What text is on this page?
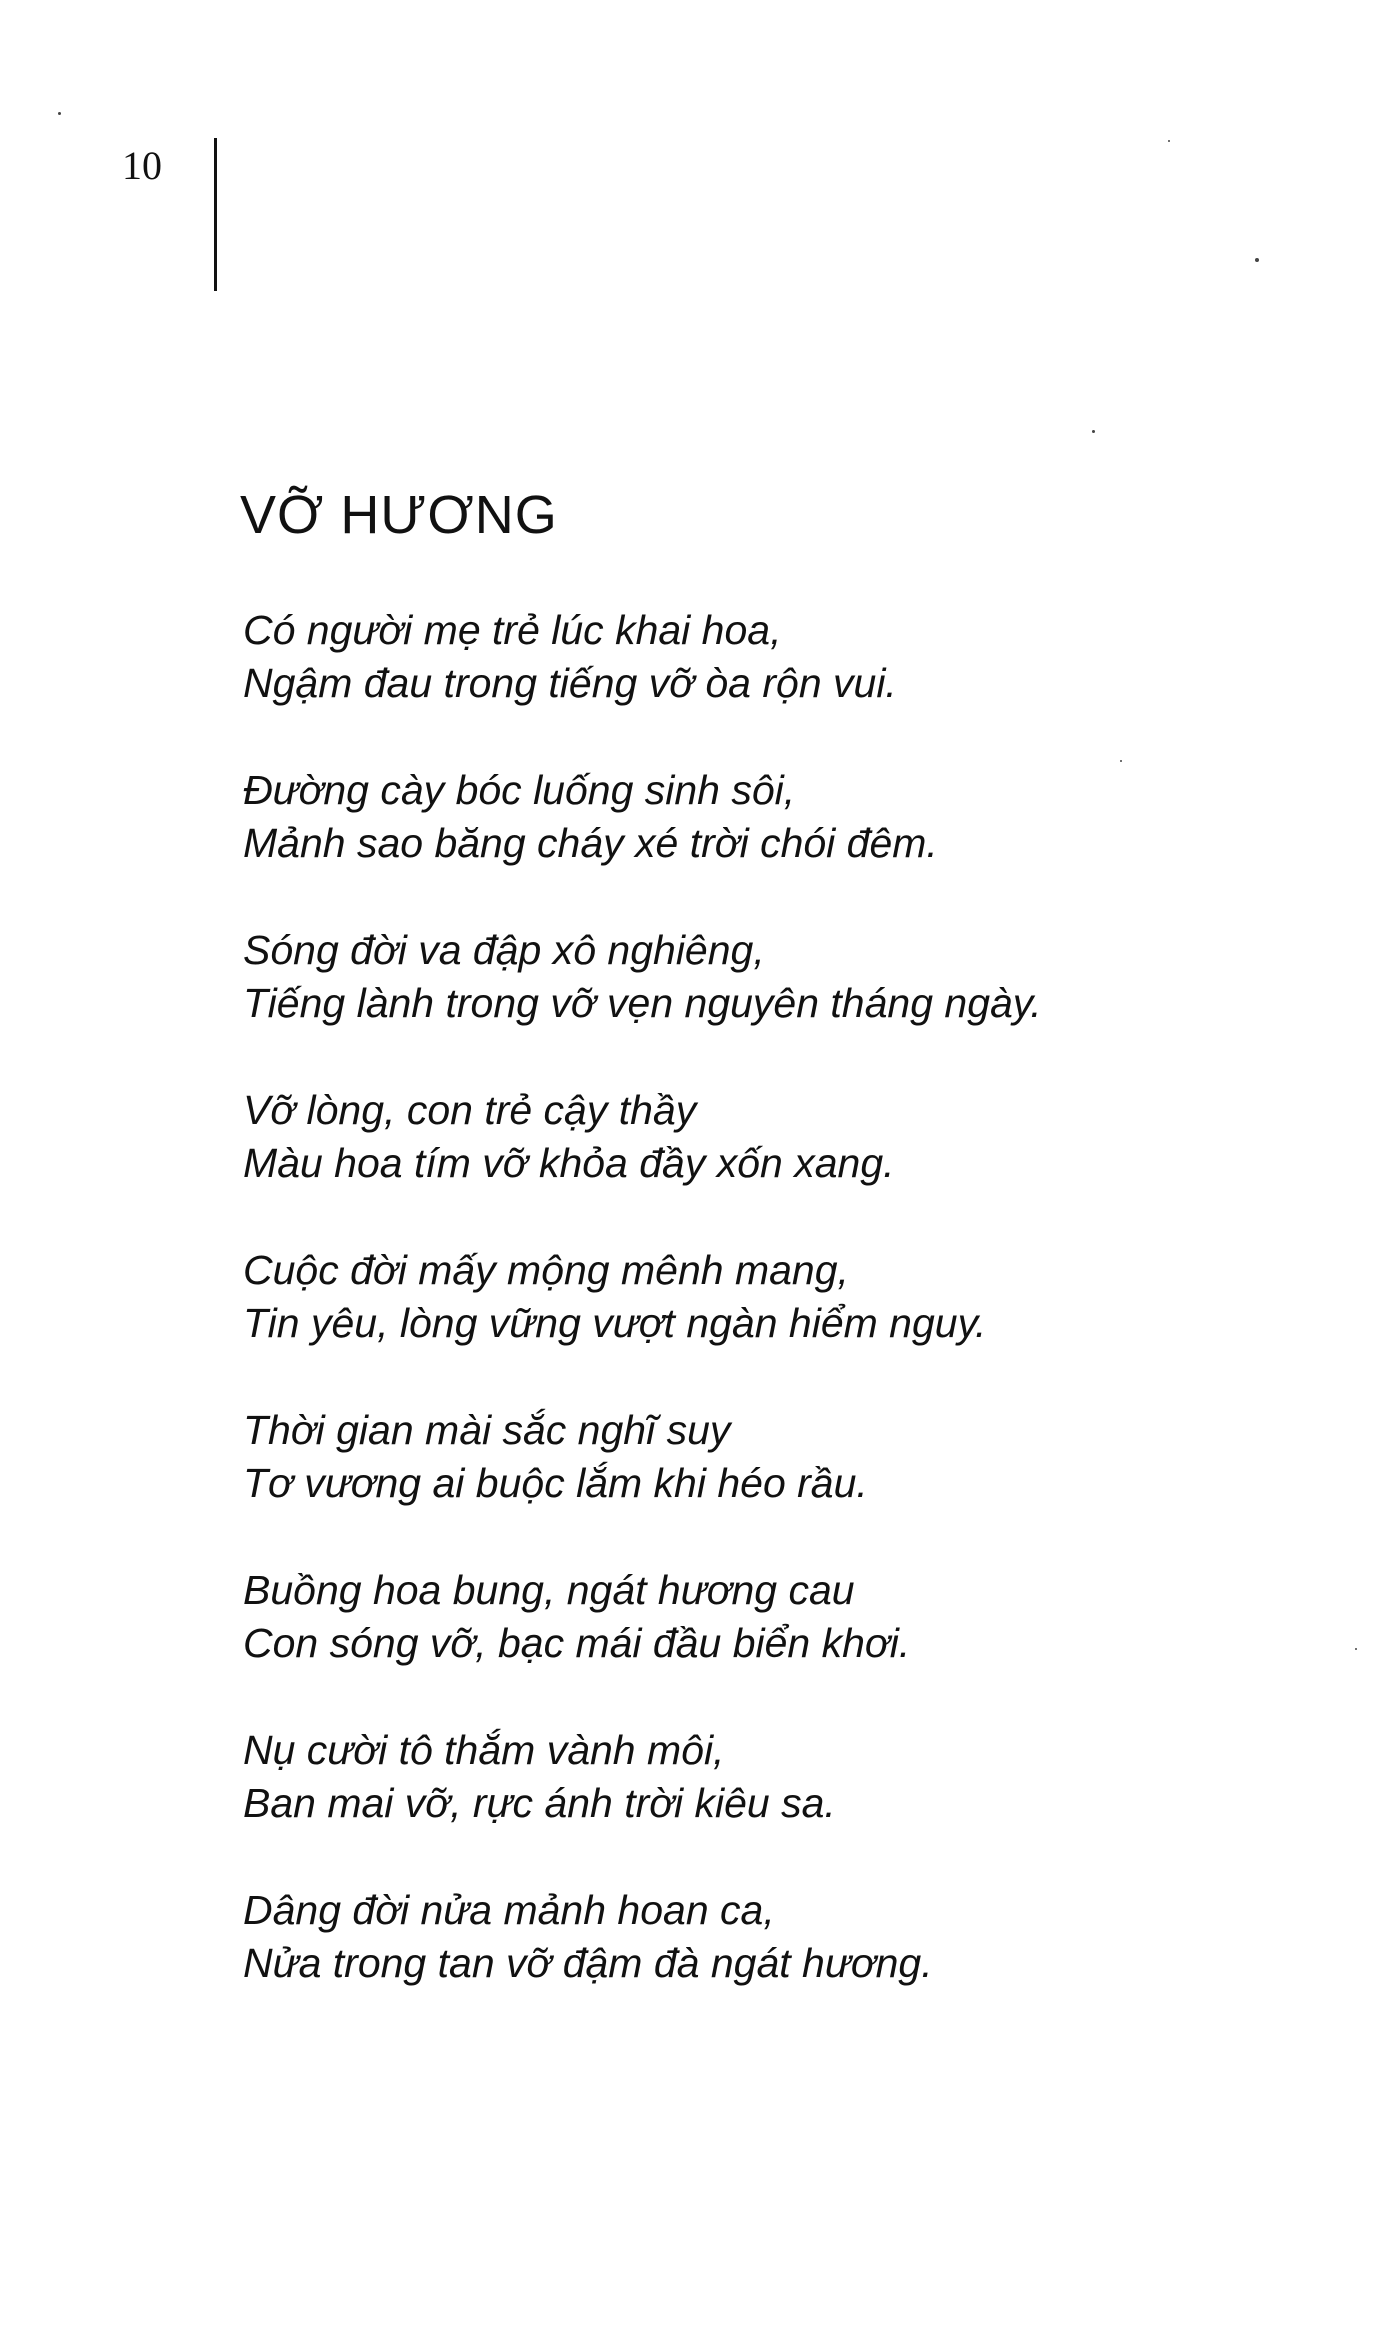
10
VỠ HƯƠNG
Có người mẹ trẻ lúc khai hoa,
Ngậm đau trong tiếng vỡ òa rộn vui.
Đường cày bóc luống sinh sôi,
Mảnh sao băng cháy xé trời chói đêm.
Sóng đời va đập xô nghiêng,
Tiếng lành trong vỡ vẹn nguyên tháng ngày.
Vỡ lòng, con trẻ cậy thầy
Màu hoa tím vỡ khỏa đầy xốn xang.
Cuộc đời mấy mộng mênh mang,
Tin yêu, lòng vững vượt ngàn hiểm nguy.
Thời gian mài sắc nghĩ suy
Tơ vương ai buộc lắm khi héo rầu.
Buồng hoa bung, ngát hương cau
Con sóng vỡ, bạc mái đầu biển khơi.
Nụ cười tô thắm vành môi,
Ban mai vỡ, rực ánh trời kiêu sa.
Dâng đời nửa mảnh hoan ca,
Nửa trong tan vỡ đậm đà ngát hương.
